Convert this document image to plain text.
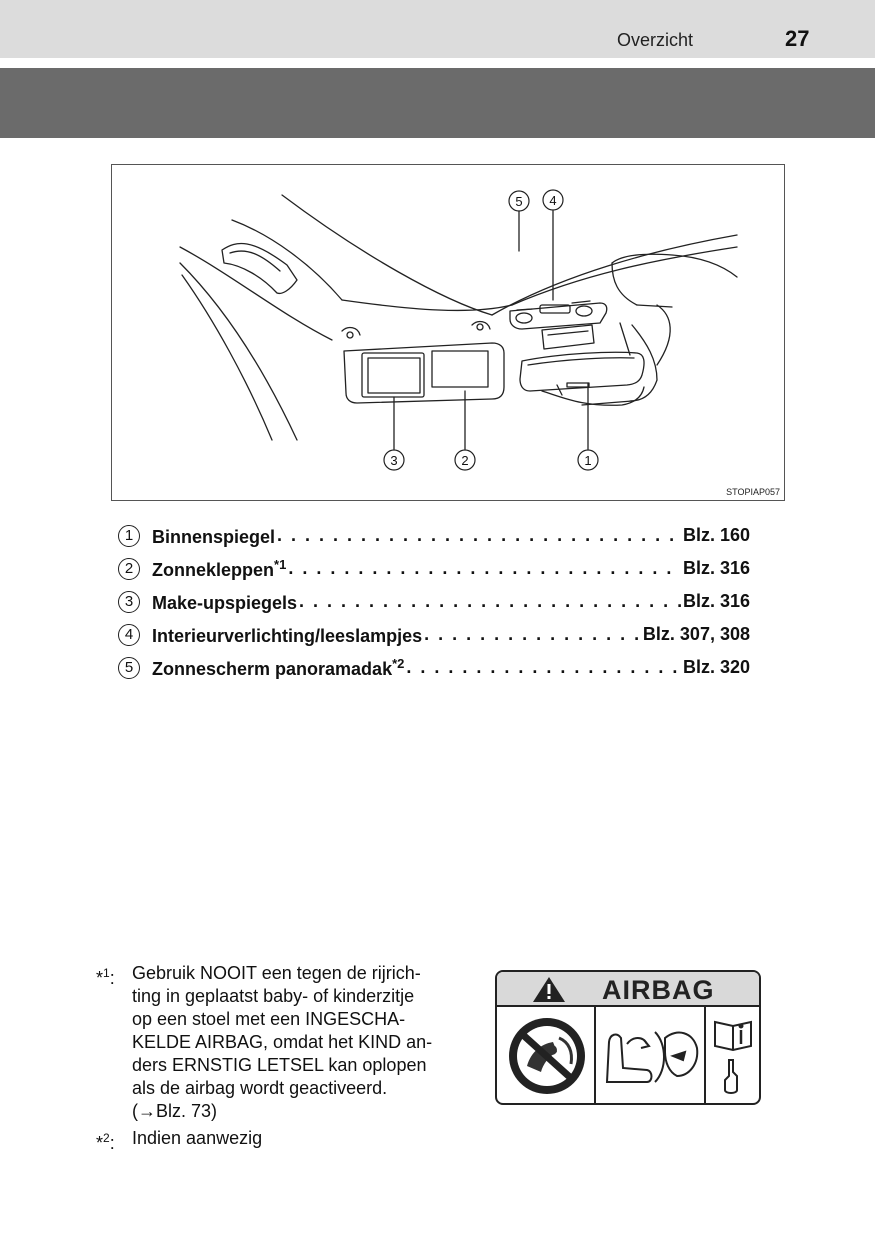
Overzicht	27
5 4
3	2	1
STOPIAP057
1	Binnenspiegel . . .	Blz. 160
2	Zonnekleppen$^{*1}$ . . .	Blz. 316
3	Make-upspiegels . . .	Blz. 316
4	Interieurverlichting/leeslampjes . . .	Blz. 307, 308
5	Zonnescherm panoramadak$^{*2}$ . . .	Blz. 320
*$^1$: Gebruik NOOIT een tegen de rijrich-
ting in geplaatst baby- of kinderzitje
op een stoel met een INGESCHA-
KELDE AIRBAG, omdat het KIND an-
ders ERNSTIG LETSEL kan oplopen
als de airbag wordt geactiveerd.
(→Blz. 73)
*$^2$: Indien aanwezig
AIRBAG
